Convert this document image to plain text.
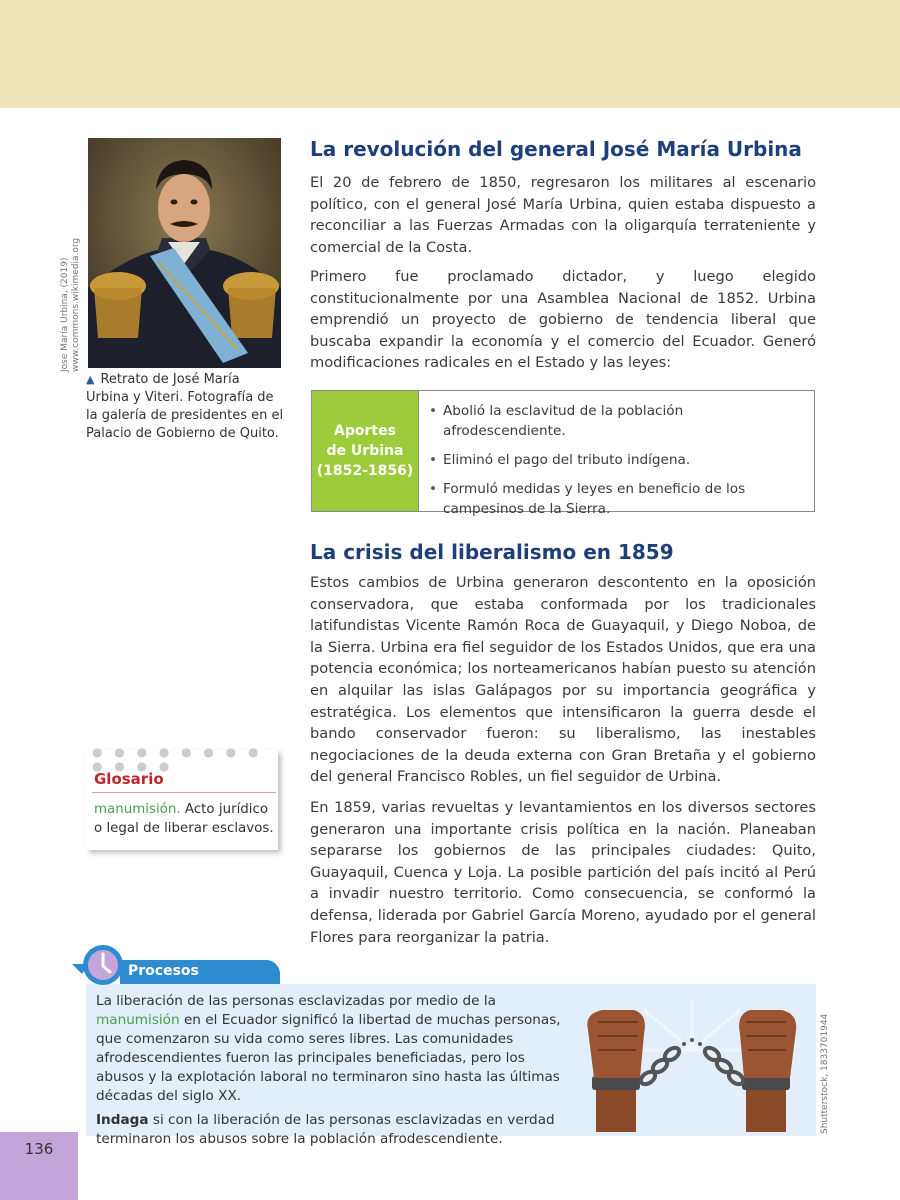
Jose María Urbina, (2019) www.commons.wikimedia.org
▲ Retrato de José María Urbina y Viteri. Fotografía de la galería de presidentes en el Palacio de Gobierno de Quito.
La revolución del general José María Urbina

El 20 de febrero de 1850, regresaron los militares al escenario político, con el general José María Urbina, quien estaba dispuesto a reconciliar a las Fuerzas Armadas con la oligarquía terrateniente y comercial de la Costa.

Primero fue proclamado dictador, y luego elegido constitucionalmente por una Asamblea Nacional de 1852. Urbina emprendió un proyecto de gobierno de tendencia liberal que buscaba expandir la economía y el comercio del Ecuador. Generó modificaciones radicales en el Estado y las leyes:

Aportes
de Urbina
(1852-1856)
• Abolió la esclavitud de la población afrodescendiente.
• Eliminó el pago del tributo indígena.
• Formuló medidas y leyes en beneficio de los campesinos de la Sierra.
La crisis del liberalismo en 1859

Estos cambios de Urbina generaron descontento en la oposición conservadora, que estaba conformada por los tradicionales latifundistas Vicente Ramón Roca de Guayaquil, y Diego Noboa, de la Sierra. Urbina era fiel seguidor de los Estados Unidos, que era una potencia económica; los norteamericanos habían puesto su atención en alquilar las islas Galápagos por su importancia geográfica y estratégica. Los elementos que intensificaron la guerra desde el bando conservador fueron: su liberalismo, las inestables negociaciones de la deuda externa con Gran Bretaña y el gobierno del general Francisco Robles, un fiel seguidor de Urbina.

En 1859, varias revueltas y levantamientos en los diversos sectores generaron una importante crisis política en la nación. Planeaban separarse los gobiernos de las principales ciudades: Quito, Guayaquil, Cuenca y Loja. La posible partición del país incitó al Perú a invadir nuestro territorio. Como consecuencia, se conformó la defensa, liderada por Gabriel García Moreno, ayudado por el general Flores para reorganizar la patria.

● ● ● ● ● ● ● ● ● ● ● ●
Glosario
manumisión. Acto jurídico o legal de liberar esclavos.
Procesos

La liberación de las personas esclavizadas por medio de la manumisión en el Ecuador significó la libertad de muchas personas, que comenzaron su vida como seres libres. Las comunidades afrodescendientes fueron las principales beneficiadas, pero los abusos y la explotación laboral no terminaron sino hasta las últimas décadas del siglo XX.

Indaga si con la liberación de las personas esclavizadas en verdad terminaron los abusos sobre la población afrodescendiente.

Shutterstock, 1833701944
136
